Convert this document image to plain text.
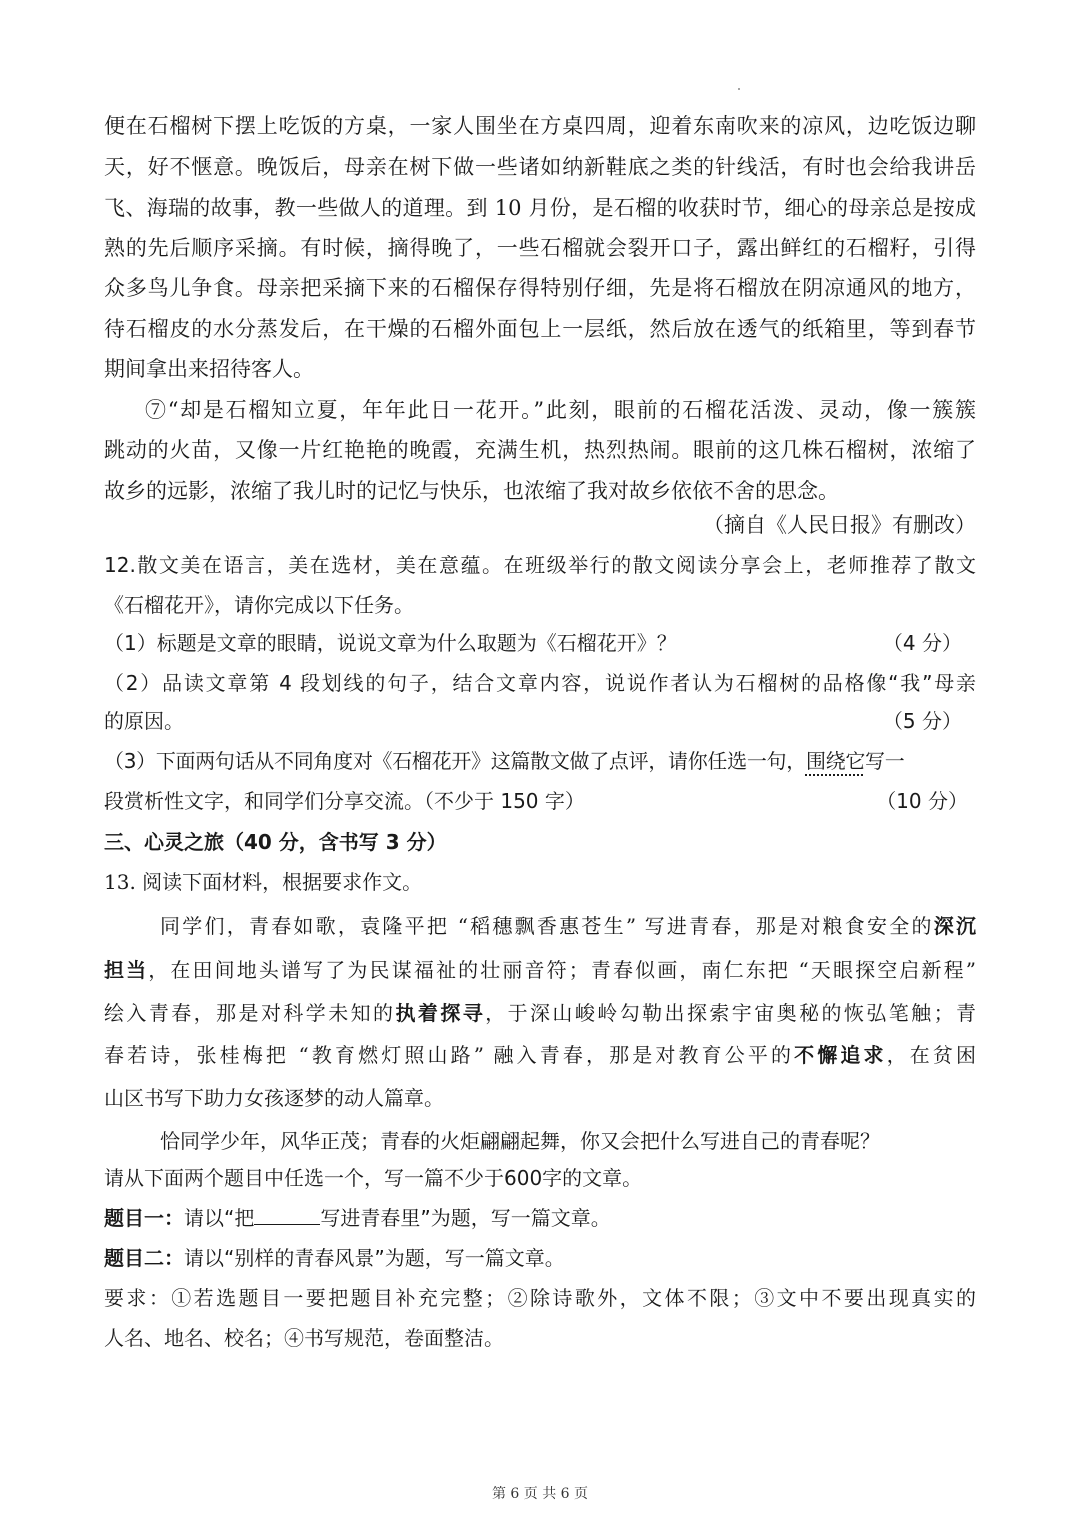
便在石榴树下摆上吃饭的方桌，一家人围坐在方桌四周，迎着东南吹来的凉风，边吃饭边聊
天，好不惬意。晚饭后，母亲在树下做一些诸如纳新鞋底之类的针线活，有时也会给我讲岳
飞、海瑞的故事，教一些做人的道理。到 10 月份，是石榴的收获时节，细心的母亲总是按成
熟的先后顺序采摘。有时候，摘得晚了，一些石榴就会裂开口子，露出鲜红的石榴籽，引得
众多鸟儿争食。母亲把采摘下来的石榴保存得特别仔细，先是将石榴放在阴凉通风的地方，
待石榴皮的水分蒸发后，在干燥的石榴外面包上一层纸，然后放在透气的纸箱里，等到春节
期间拿出来招待客人。
⑦“却是石榴知立夏，年年此日一花开。”此刻，眼前的石榴花活泼、灵动，像一簇簇
跳动的火苗，又像一片红艳艳的晚霞，充满生机，热烈热闹。眼前的这几株石榴树，浓缩了
故乡的远影，浓缩了我儿时的记忆与快乐，也浓缩了我对故乡依依不舍的思念。
（摘自《人民日报》有删改）
12.散文美在语言，美在选材，美在意蕴。在班级举行的散文阅读分享会上，老师推荐了散文
《石榴花开》，请你完成以下任务。
（1）标题是文章的眼睛，说说文章为什么取题为《石榴花开》？	（4 分）
（2）品读文章第 4 段划线的句子，结合文章内容，说说作者认为石榴树的品格像“我”母亲
的原因。	（5 分）
（3）下面两句话从不同角度对《石榴花开》这篇散文做了点评，请你任选一句，围绕它写一
段赏析性文字，和同学们分享交流。（不少于 150 字）	（10 分）
三、心灵之旅（40 分，含书写 3 分）
13. 阅读下面材料，根据要求作文。
同学们，青春如歌，袁隆平把 “稻穗飘香惠苍生” 写进青春，那是对粮食安全的深沉
担当，在田间地头谱写了为民谋福祉的壮丽音符；青春似画，南仁东把 “天眼探空启新程”
绘入青春，那是对科学未知的执着探寻，于深山峻岭勾勒出探索宇宙奥秘的恢弘笔触；青
春若诗，张桂梅把 “教育燃灯照山路” 融入青春，那是对教育公平的不懈追求，在贫困
山区书写下助力女孩逐梦的动人篇章。
恰同学少年，风华正茂；青春的火炬翩翩起舞，你又会把什么写进自己的青春呢？
请从下面两个题目中任选一个，写一篇不少于600字的文章。
题目一：请以“把	写进青春里”为题，写一篇文章。
题目二：请以“别样的青春风景”为题，写一篇文章。
要求：①若选题目一要把题目补充完整；②除诗歌外，文体不限；③文中不要出现真实的
人名、地名、校名；④书写规范，卷面整洁。
第 6 页 共 6 页
